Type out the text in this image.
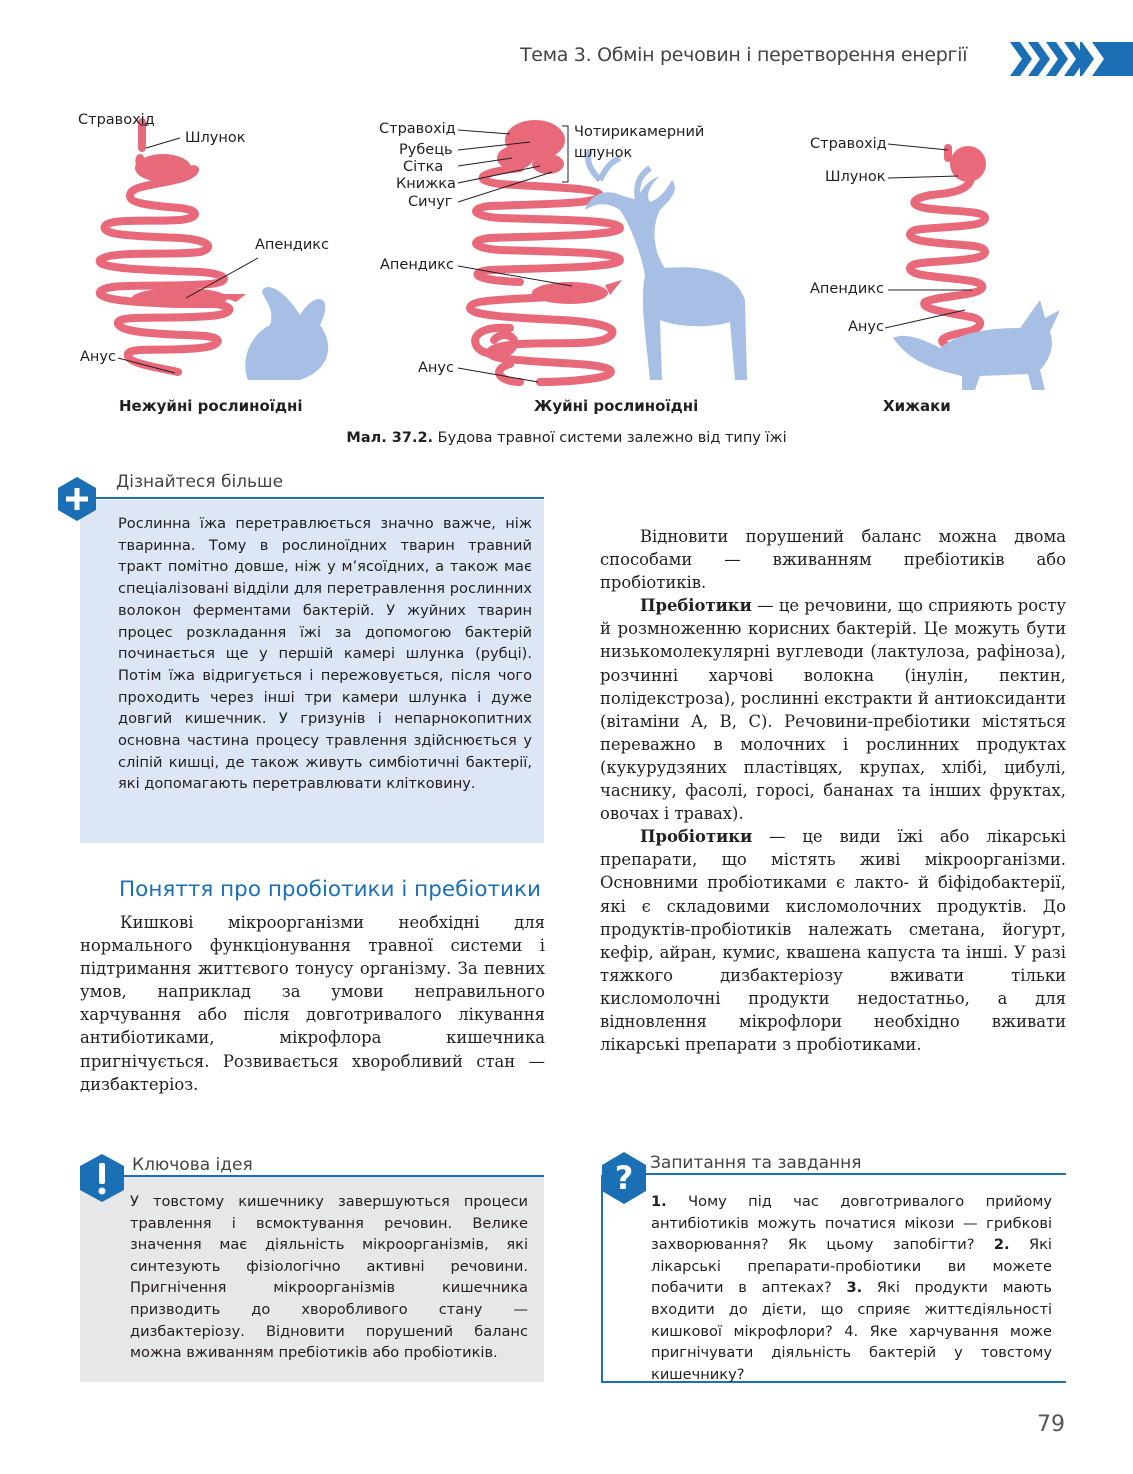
Тема 3. Обмін речовин і перетворення енергії
Стравохід
Шлунок
Апендикс
Анус
Стравохід
Рубець
Сітка
Книжка
Сичуг
Чотирикамерний
шлунок
Апендикс
Анус
Стравохід
Шлунок
Апендикс
Анус
Нежуйні рослиноїдні	Жуйні рослиноїдні	Хижаки
Мал. 37.2. Будова травної системи залежно від типу їжі
Дізнайтеся більше
Рослинна їжа перетравлюється значно важче, ніж тваринна. Тому в рослиноїдних тварин травний тракт помітно довше, ніж у м’ясоїдних, а також має спеціалізовані відділи для перетравлення рослинних волокон ферментами бактерій. У жуйних тварин процес розкладання їжі за допомогою бактерій починається ще у першій камері шлунка (рубці). Потім їжа відригується і пережовується, після чого проходить через інші три камери шлунка і дуже довгий кишечник. У гризунів і непарнокопитних основна частина процесу травлення здійснюється у сліпій кишці, де також живуть симбіотичні бактерії, які допомагають перетравлювати клітковину.
Поняття про пробіотики і пребіотики

Кишкові мікроорганізми необхідні для нормального функціонування травної системи і підтримання життєвого тонусу організму. За певних умов, наприклад за умови неправильного харчування або після довготривалого лікування антибіотиками, мікрофлора кишечника пригнічується. Розвивається хворобливий стан — дизбактеріоз.

Відновити порушений баланс можна двома способами — вживанням пребіотиків або пробіотиків.

Пребіотики — це речовини, що сприяють росту й розмноженню корисних бактерій. Це можуть бути низькомолекулярні вуглеводи (лактулоза, рафіноза), розчинні харчові волокна (інулін, пектин, полідекстроза), рослинні екстракти й антиоксиданти (вітаміни A, B, C). Речовини-пребіотики містяться переважно в молочних і рослинних продуктах (кукурудзяних пластівцях, крупах, хлібі, цибулі, часнику, фасолі, горосі, бананах та інших фруктах, овочах і травах).

Пробіотики — це види їжі або лікарські препарати, що містять живі мікроорганізми. Основними пробіотиками є лакто- й біфідобактерії, які є складовими кисломолочних продуктів. До продуктів-пробіотиків належать сметана, йогурт, кефір, айран, кумис, квашена капуста та інші. У разі тяжкого дизбактеріозу вживати тільки кисломолочні продукти недостатньо, а для відновлення мікрофлори необхідно вживати лікарські препарати з пробіотиками.

Ключова ідея
У товстому кишечнику завершуються процеси травлення і всмоктування речовин. Велике значення має діяльність мікроорганізмів, які синтезують фізіологічно активні речовини. Пригнічення мікроорганізмів кишечника призводить до хворобливого стану — дизбактеріозу. Відновити порушений баланс можна вживанням пребіотиків або пробіотиків.
Запитання та завдання
1. Чому під час довготривалого прийому антибіотиків можуть початися мікози — грибкові захворювання? Як цьому запобігти? 2. Які лікарські препарати-пробіотики ви можете побачити в аптеках? 3. Які продукти мають входити до дієти, що сприяє життєдіяльності кишкової мікрофлори? 4. Яке харчування може пригнічувати діяльність бактерій у товстому кишечнику?
?
79
